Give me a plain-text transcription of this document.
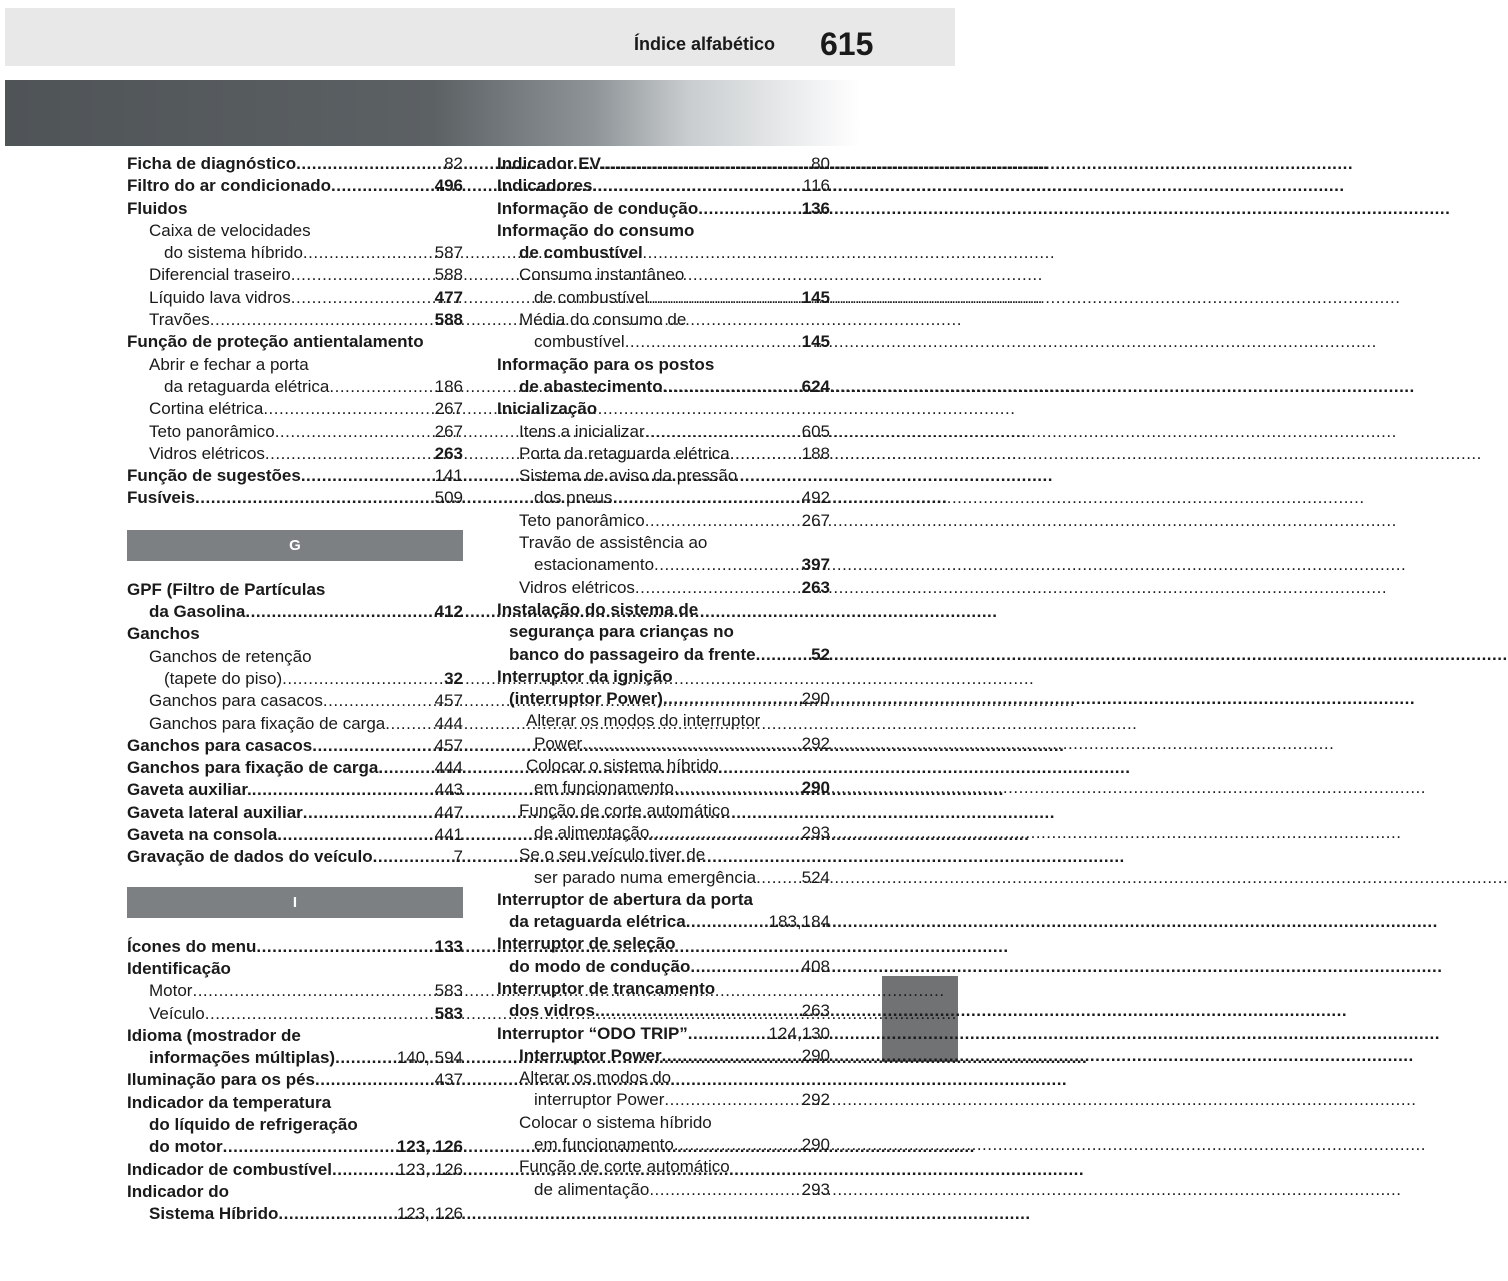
Índice alfabético 615
Ficha de diagnóstico .....	82
Filtro do ar condicionado .....	496
Fluidos
Caixa de velocidades
do sistema híbrido .....	587
Diferencial traseiro .....	588
Líquido lava vidros .....	477
Travões .....	588
Função de proteção antientalamento
Abrir e fechar a porta
da retaguarda elétrica .....	186
Cortina elétrica .....	267
Teto panorâmico .....	267
Vidros elétricos .....	263
Função de sugestões .....	141
Fusíveis .....	509
G
GPF (Filtro de Partículas
da Gasolina .....	412
Ganchos
Ganchos de retenção
(tapete do piso) .....	32
Ganchos para casacos .....	457
Ganchos para fixação de carga .....	444
Ganchos para casacos .....	457
Ganchos para fixação de carga .....	444
Gaveta auxiliar. .....	443
Gaveta lateral auxiliar .....	447
Gaveta na consola .....	441
Gravação de dados do veículo .....	7
I
Ícones do menu .....	133
Identificação
Motor .....	583
Veículo .....	583
Idioma (mostrador de
informações múltiplas) .....	140, 594
Iluminação para os pés .....	437
Indicador da temperatura
do líquido de refrigeração
do motor .....	123, 126
Indicador de combustível .....	123, 126
Indicador do
Sistema Híbrido .....	123, 126
Indicador EV .....	80
Indicadores .....	116
Informação de condução .....	136
Informação do consumo
de combustível
Consumo instantâneo
de combustível .....	145
Média do consumo de
combustível .....	145
Informação para os postos
de abastecimento .....	624
Inicialização
Itens a inicializar .....	605
Porta da retaguarda elétrica .....	188
Sistema de aviso da pressão
dos pneus .....	492
Teto panorâmico .....	267
Travão de assistência ao
estacionamento .....	397
Vidros elétricos .....	263
Instalação do sistema de
segurança para crianças no
banco do passageiro da frente .....	52
Interruptor da ignição
(interruptor Power) .....	290
Alterar os modos do interruptor
Power .....	292
Colocar o sistema híbrido
em funcionamento .....	290
Função de corte automático
de alimentação .....	293
Se o seu veículo tiver de
ser parado numa emergência .....	524
Interruptor de abertura da porta
da retaguarda elétrica .....	183,184
Interruptor de seleção
do modo de condução .....	408
Interruptor de trancamento
dos vidros .....	263
Interruptor “ODO TRIP” .....	124,130
Interruptor Power .....	290
Alterar os modos do
interruptor Power .....	292
Colocar o sistema híbrido
em funcionamento .....	290
Função de corte automático
de alimentação .....	293
